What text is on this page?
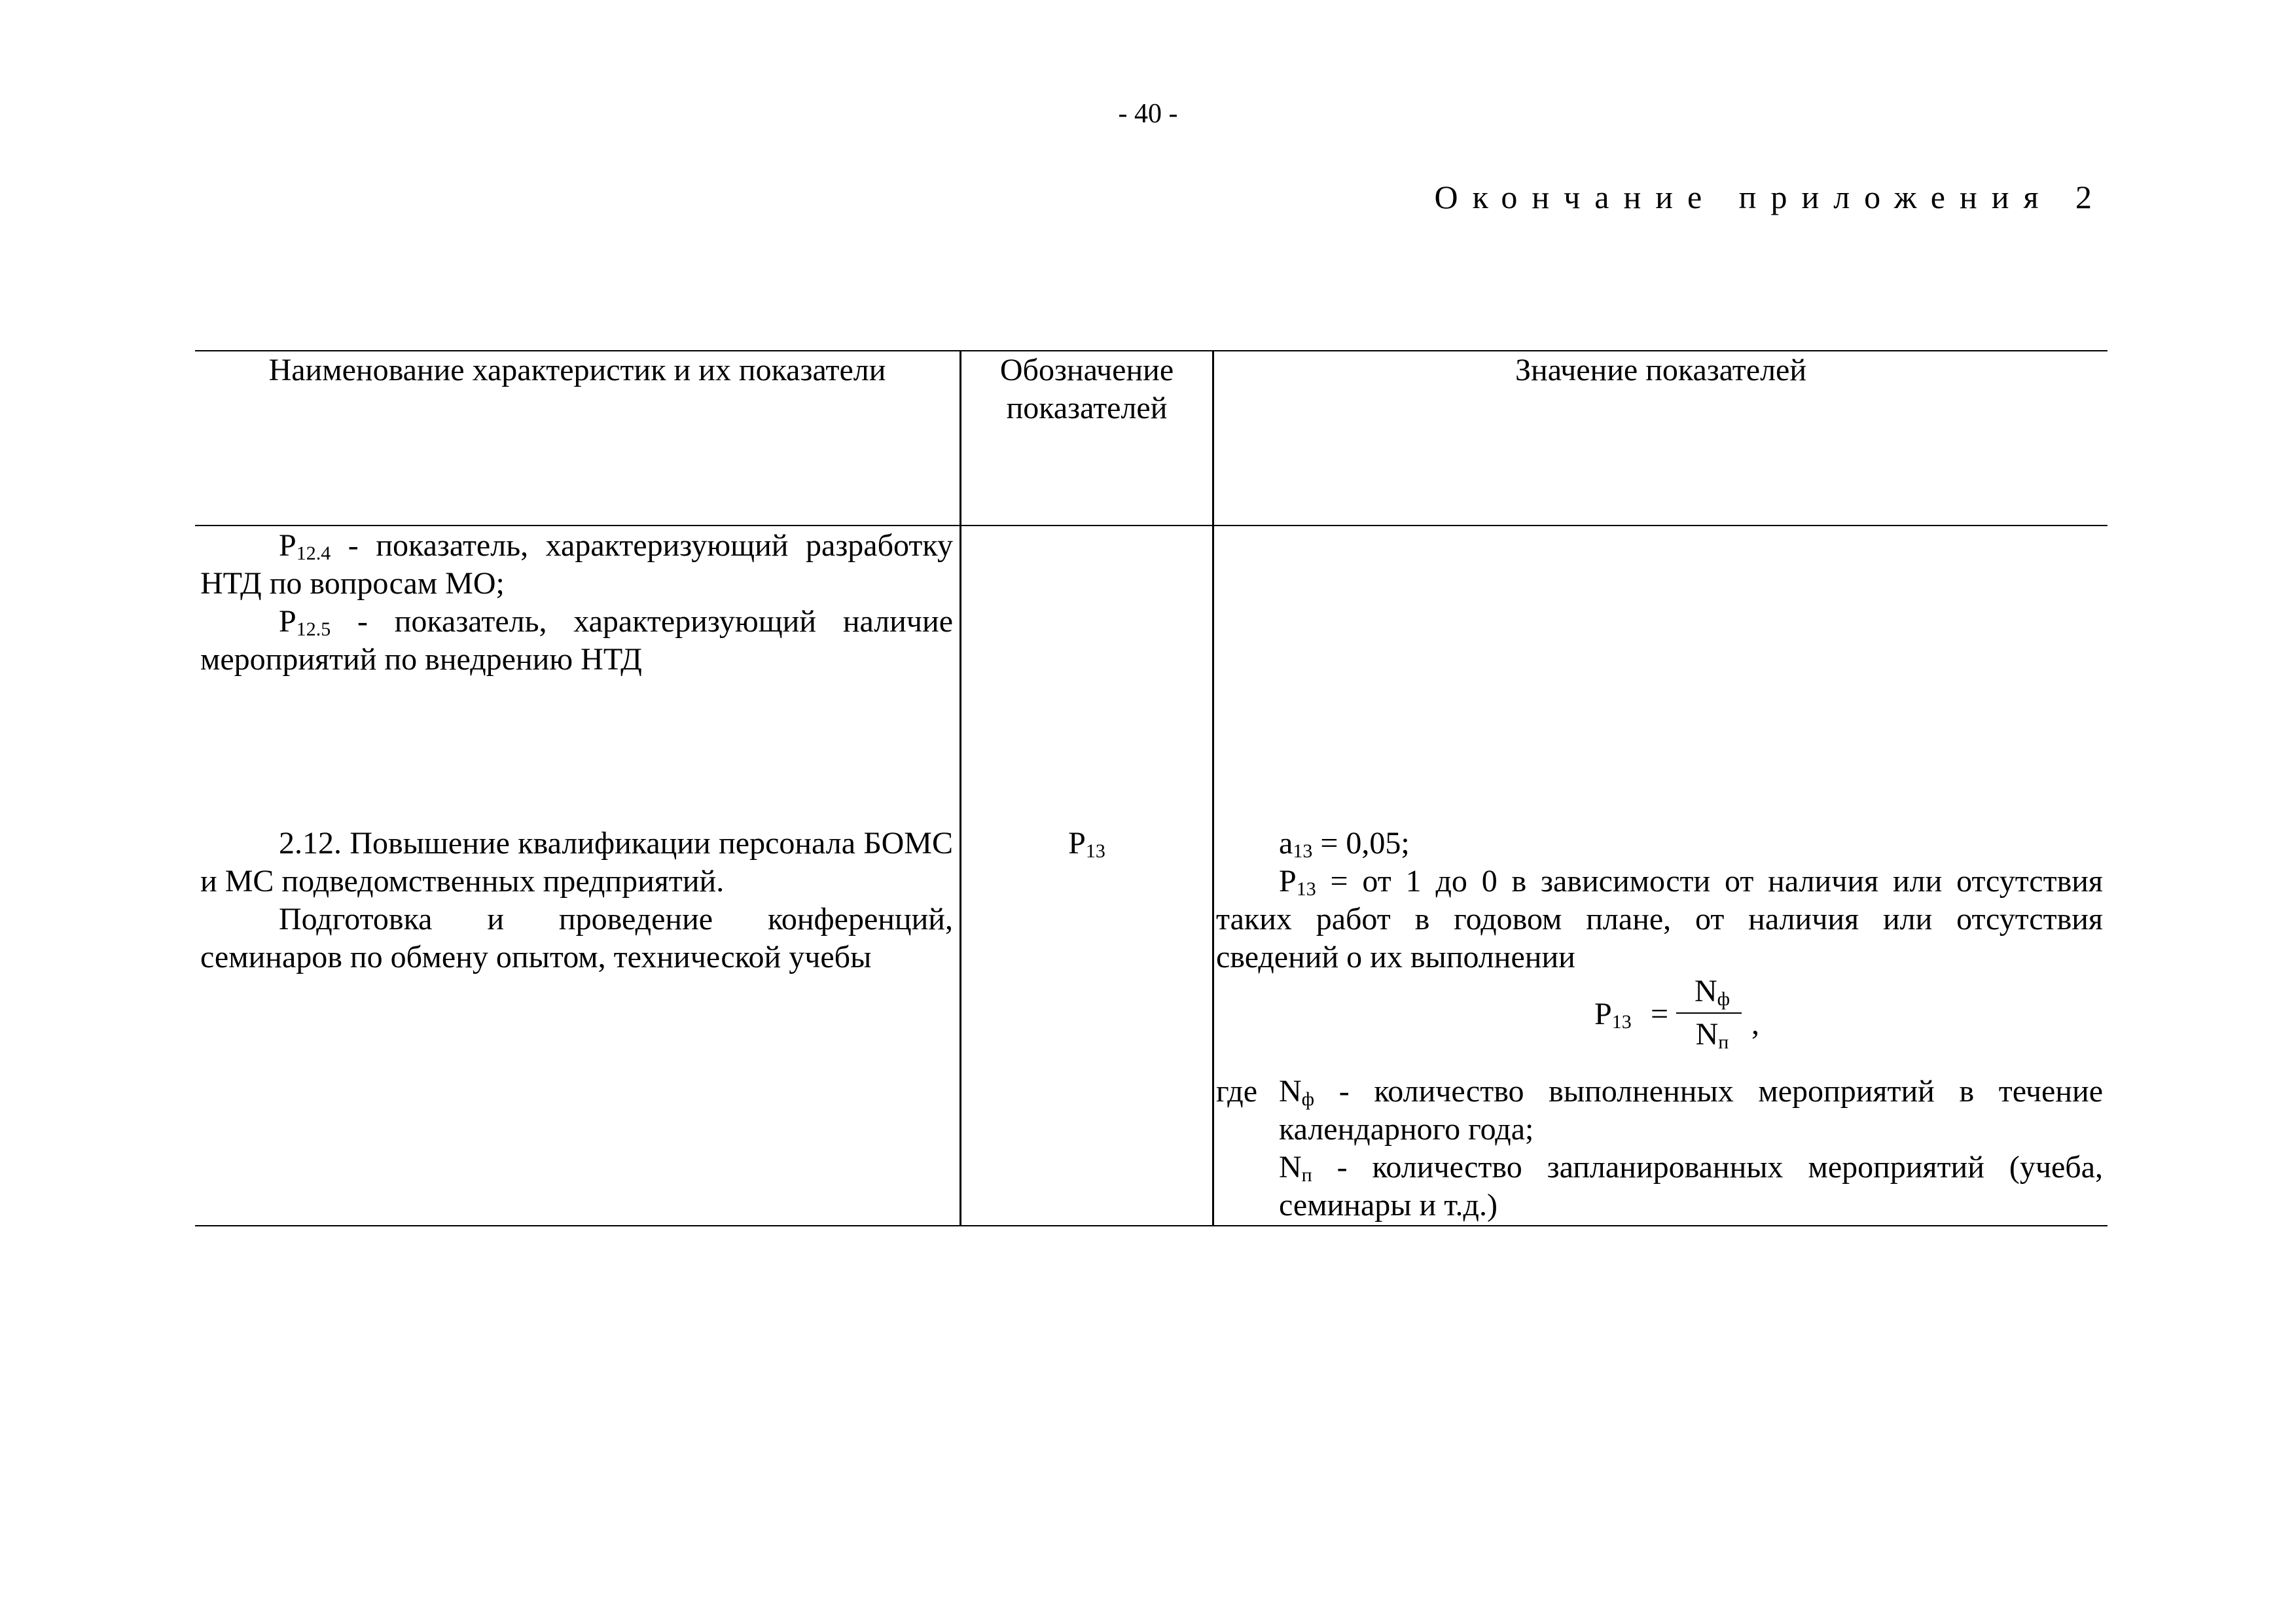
- 40 -
Окончание приложения 2
Наименование характеристик и их показатели	Обозначение показателей
Значение показателей

$Р_{12.4}$ - показатель, характеризующий разработку НТД по вопросам МО;

$Р_{12.5}$ - показатель, характеризующий наличие мероприятий по внедрению НТД

2.12. Повышение квалификации персонала БОМС и МС подведомственных предприятий.

Подготовка и проведение конференций, семинаров по обмену опытом, технической учебы

$Р_{13}$	$а_{13} = 0,05$;

$Р_{13}$ = от 1 до 0 в зависимости от наличия или отсутствия таких работ в годовом плане, от наличия или отсутствия сведений о их выполнении

$Р_{13}$ =
$N_ф$
$N_п$
,
где $N_ф$ - количество выполненных мероприятий в течение календарного года;

$N_п$ - количество запланированных мероприятий (учеба, семинары и т.д.)
